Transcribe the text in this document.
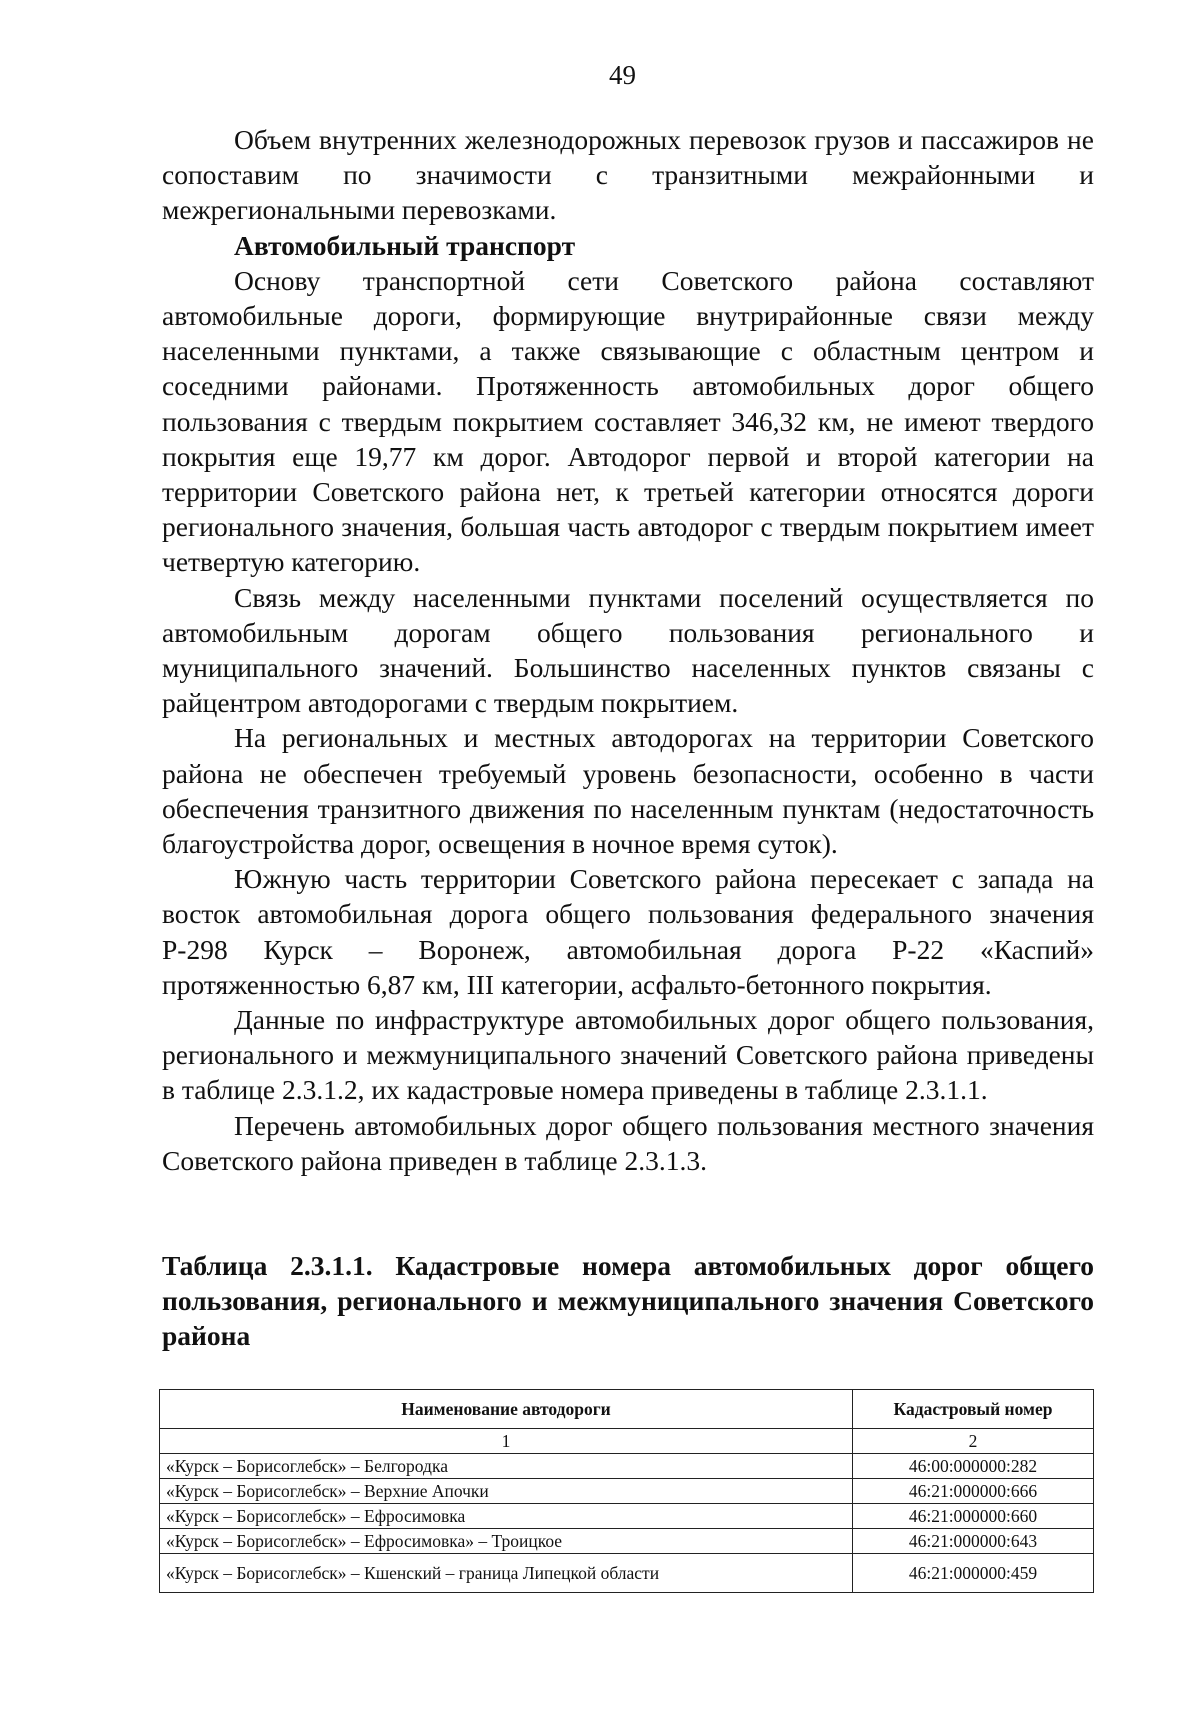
49

Объем внутренних железнодорожных перевозок грузов и пассажиров не сопоставим по значимости с транзитными межрайонными и межрегиональными перевозками.

Автомобильный транспорт

Основу транспортной сети Советского района составляют автомобильные дороги, формирующие внутрирайонные связи между населенными пунктами, а также связывающие с областным центром и соседними районами. Протяженность автомобильных дорог общего пользования с твердым покрытием составляет 346,32 км, не имеют твердого покрытия еще 19,77 км дорог. Автодорог первой и второй категории на территории Советского района нет, к третьей категории относятся дороги регионального значения, большая часть автодорог с твердым покрытием имеет четвертую категорию.

Связь между населенными пунктами поселений осуществляется по автомобильным дорогам общего пользования регионального и муниципального значений. Большинство населенных пунктов связаны с райцентром автодорогами с твердым покрытием.

На региональных и местных автодорогах на территории Советского района не обеспечен требуемый уровень безопасности, особенно в части обеспечения транзитного движения по населенным пунктам (недостаточность благоустройства дорог, освещения в ночное время суток).

Южную часть территории Советского района пересекает с запада на восток автомобильная дорога общего пользования федерального значения Р-298 Курск – Воронеж, автомобильная дорога Р-22 «Каспий» протяженностью 6,87 км, III категории, асфальто-бетонного покрытия.

Данные по инфраструктуре автомобильных дорог общего пользования, регионального и межмуниципального значений Советского района приведены в таблице 2.3.1.2, их кадастровые номера приведены в таблице 2.3.1.1.

Перечень автомобильных дорог общего пользования местного значения Советского района приведен в таблице 2.3.1.3.

Таблица 2.3.1.1. Кадастровые номера автомобильных дорог общего пользования, регионального и межмуниципального значения Советского района
Наименование автодороги	Кадастровый номер
1	2
«Курск – Борисоглебск» – Белгородка	46:00:000000:282
«Курск – Борисоглебск» – Верхние Апочки	46:21:000000:666
«Курск – Борисоглебск» – Ефросимовка	46:21:000000:660
«Курск – Борисоглебск» – Ефросимовка» – Троицкое	46:21:000000:643
«Курск – Борисоглебск» – Кшенский – граница Липецкой области	46:21:000000:459
